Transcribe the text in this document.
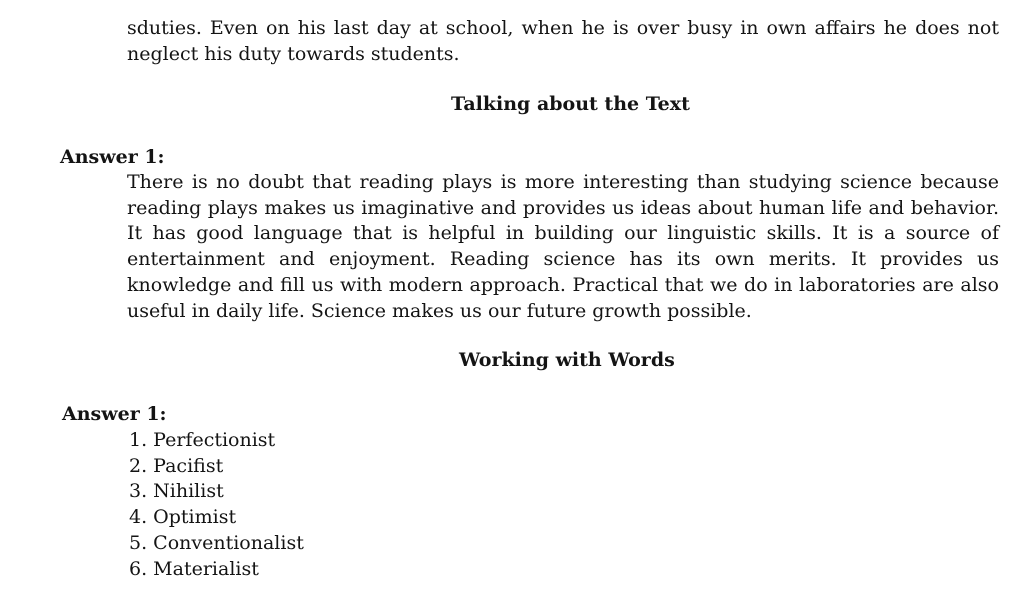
sduties. Even on his last day at school, when he is over busy in own affairs he does not neglect his duty towards students.

Talking about the Text
Answer 1:

There is no doubt that reading plays is more interesting than studying science because reading plays makes us imaginative and provides us ideas about human life and behavior. It has good language that is helpful in building our linguistic skills. It is a source of entertainment and enjoyment. Reading science has its own merits. It provides us knowledge and fill us with modern approach. Practical that we do in laboratories are also useful in daily life. Science makes us our future growth possible.

Working with Words
Answer 1:
1. Perfectionist
2. Pacifist
3. Nihilist
4. Optimist
5. Conventionalist
6. Materialist
